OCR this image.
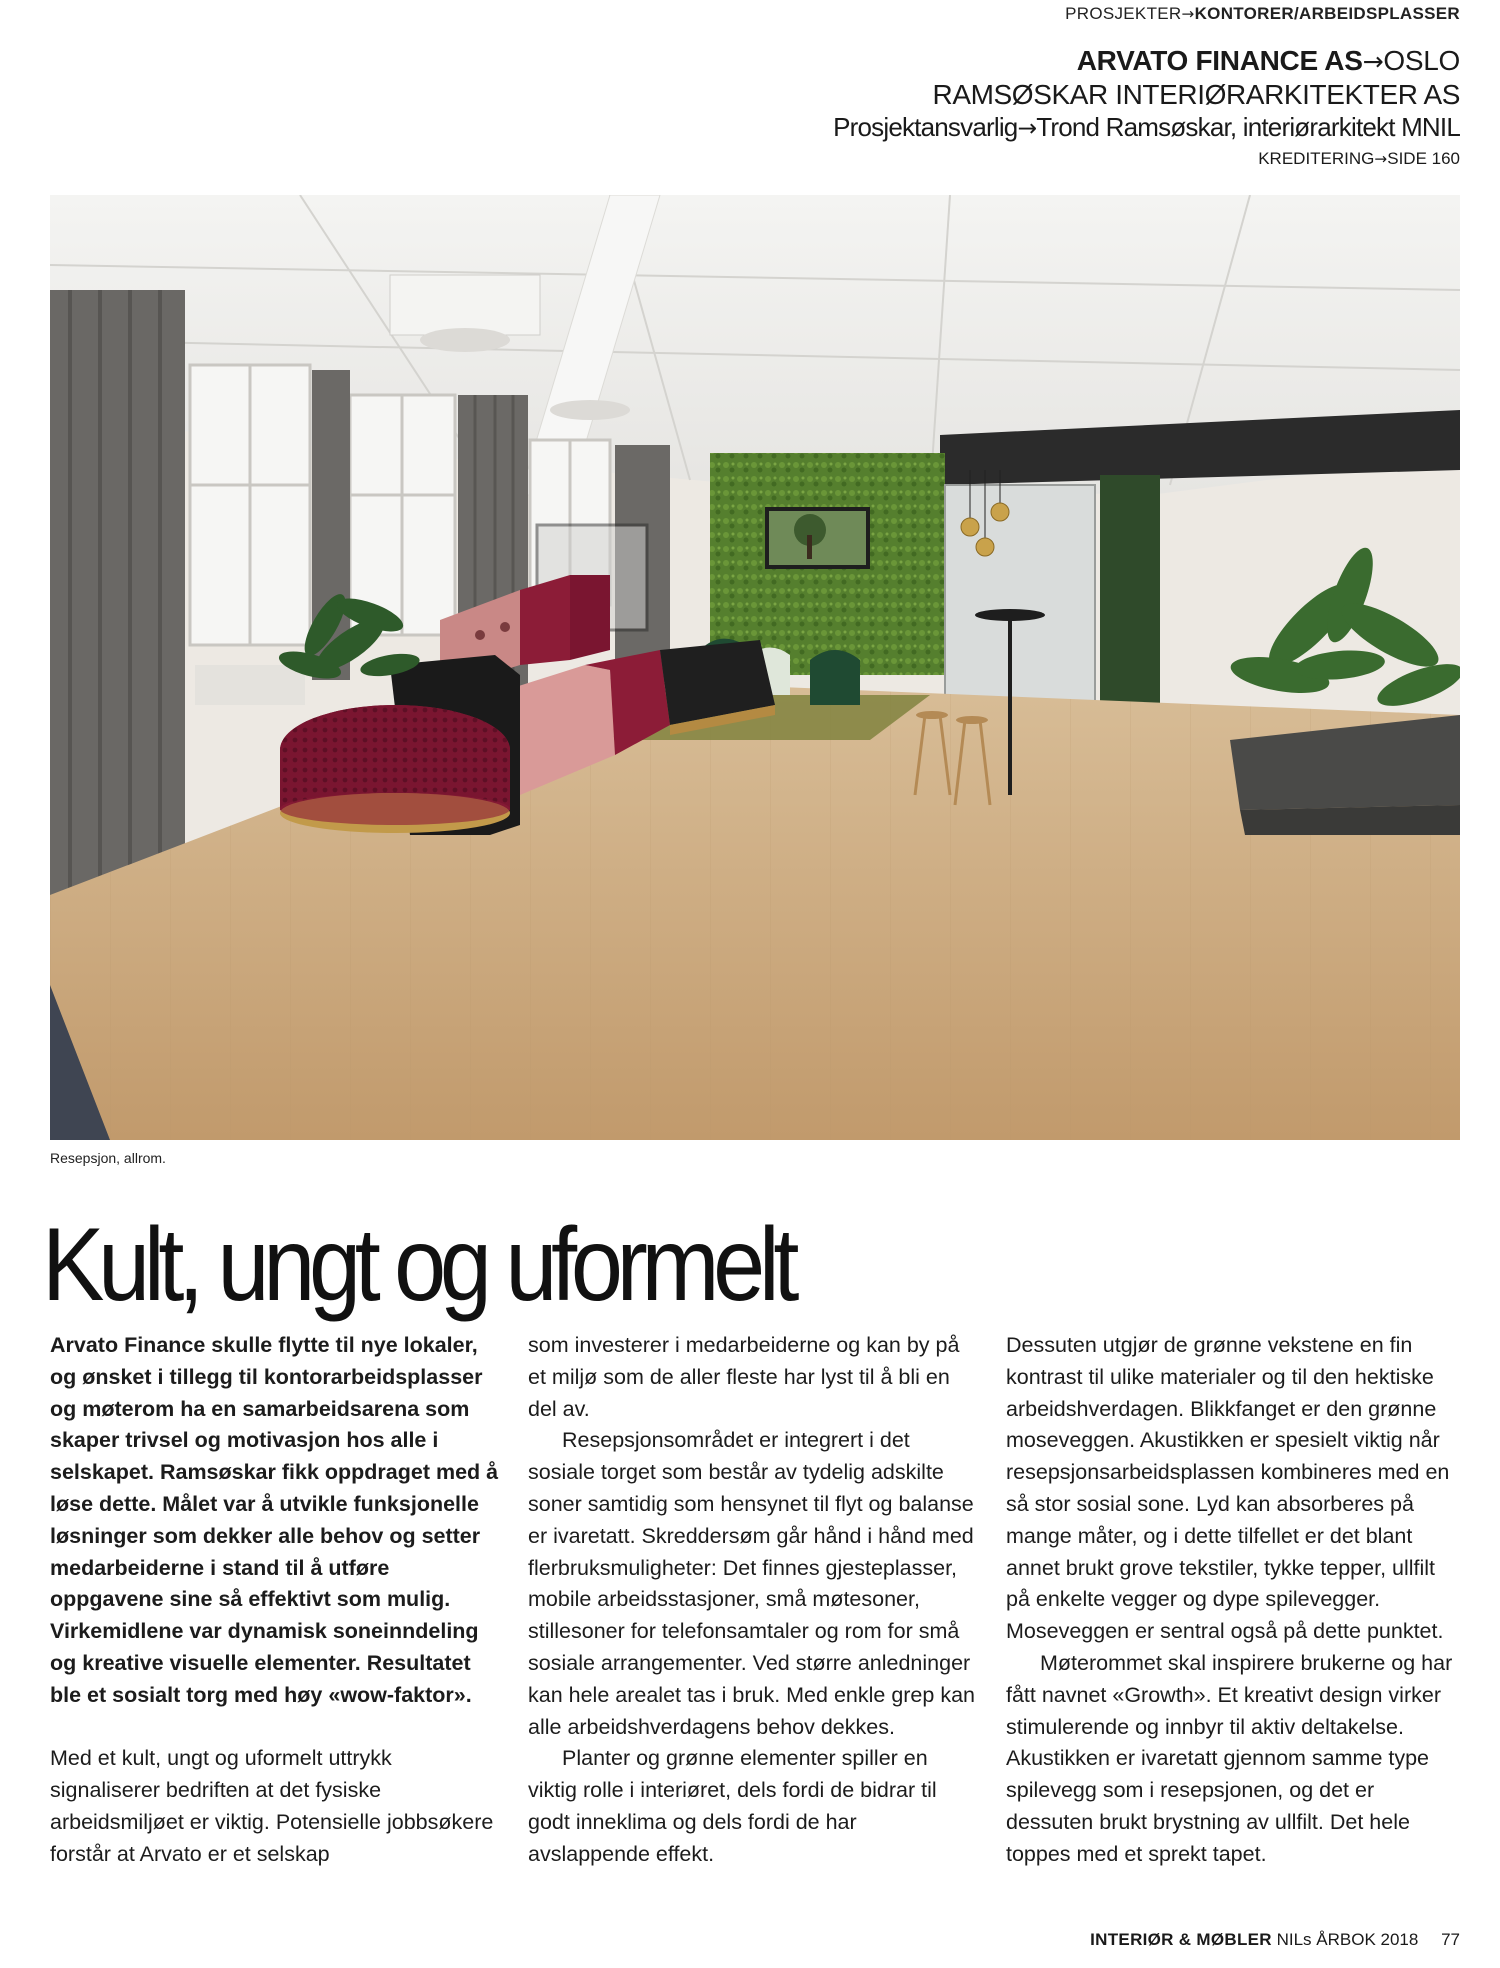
PROSJEKTER→KONTORER/ARBEIDSPLASSER
ARVATO FINANCE AS→OSLO
RAMSØSKAR INTERIØRARKITEKTER AS
Prosjektansvarlig→Trond Ramsøskar, interiørarkitekt MNIL
KREDITERING→SIDE 160
Resepsjon, allrom.
Kult, ungt og uformelt

Arvato Finance skulle flytte til nye lokaler, og ønsket i tillegg til kontorarbeidsplasser og møterom ha en samarbeidsarena som skaper trivsel og motivasjon hos alle i selskapet. Ramsøskar fikk oppdraget med å løse dette. Målet var å utvikle funksjonelle løsninger som dekker alle behov og setter medarbeiderne i stand til å utføre oppgavene sine så effektivt som mulig. Virkemidlene var dynamisk soneinndeling og kreative visuelle elementer. Resultatet ble et sosialt torg med høy «wow-faktor».

Med et kult, ungt og uformelt uttrykk signaliserer bedriften at det fysiske arbeidsmiljøet er viktig. Potensielle jobbsøkere forstår at Arvato er et selskap

som investerer i medarbeiderne og kan by på et miljø som de aller fleste har lyst til å bli en del av.

Resepsjonsområdet er integrert i det sosiale torget som består av tydelig adskilte soner samtidig som hensynet til flyt og balanse er ivaretatt. Skreddersøm går hånd i hånd med flerbruksmuligheter: Det finnes gjesteplasser, mobile arbeidsstasjoner, små møtesoner, stillesoner for telefonsamtaler og rom for små sosiale arrangementer. Ved større anledninger kan hele arealet tas i bruk. Med enkle grep kan alle arbeidshverdagens behov dekkes.

Planter og grønne elementer spiller en viktig rolle i interiøret, dels fordi de bidrar til godt inneklima og dels fordi de har avslappende effekt.

Dessuten utgjør de grønne vekstene en fin kontrast til ulike materialer og til den hektiske arbeidshverdagen. Blikkfanget er den grønne moseveggen. Akustikken er spesielt viktig når resepsjonsarbeidsplassen kombineres med en så stor sosial sone. Lyd kan absorberes på mange måter, og i dette tilfellet er det blant annet brukt grove tekstiler, tykke tepper, ullfilt på enkelte vegger og dype spilevegger. Moseveggen er sentral også på dette punktet.

Møterommet skal inspirere brukerne og har fått navnet «Growth». Et kreativt design virker stimulerende og innbyr til aktiv deltakelse. Akustikken er ivaretatt gjennom samme type spilevegg som i resepsjonen, og det er dessuten brukt brystning av ullfilt. Det hele toppes med et sprekt tapet.

INTERIØR & MØBLER NILs ÅRBOK 2018 77
